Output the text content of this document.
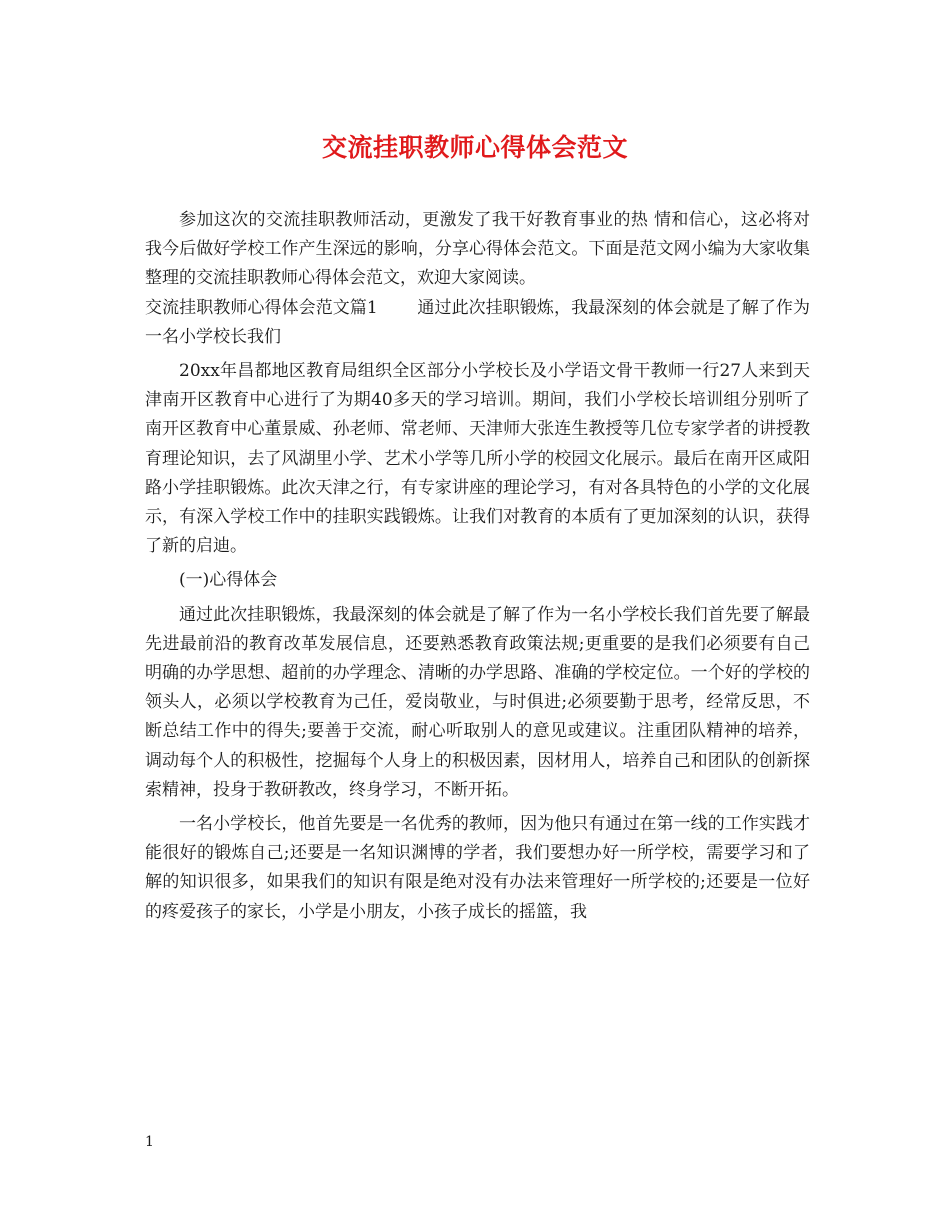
交流挂职教师心得体会范文

参加这次的交流挂职教师活动，更激发了我干好教育事业的热 情和信心，这必将对我今后做好学校工作产生深远的影响，分享心得体会范文。下面是范文网小编为大家收集整理的交流挂职教师心得体会范文，欢迎大家阅读。

交流挂职教师心得体会范文篇1　　 通过此次挂职锻炼，我最深刻的体会就是了解了作为一名小学校长我们

20xx年昌都地区教育局组织全区部分小学校长及小学语文骨干教师一行27人来到天津南开区教育中心进行了为期40多天的学习培训。期间，我们小学校长培训组分别听了南开区教育中心董景威、孙老师、常老师、天津师大张连生教授等几位专家学者的讲授教育理论知识，去了风湖里小学、艺术小学等几所小学的校园文化展示。最后在南开区咸阳路小学挂职锻炼。此次天津之行，有专家讲座的理论学习，有对各具特色的小学的文化展示，有深入学校工作中的挂职实践锻炼。让我们对教育的本质有了更加深刻的认识，获得了新的启迪。

(一)心得体会

通过此次挂职锻炼，我最深刻的体会就是了解了作为一名小学校长我们首先要了解最先进最前沿的教育改革发展信息，还要熟悉教育政策法规;更重要的是我们必须要有自己明确的办学思想、超前的办学理念、清晰的办学思路、准确的学校定位。一个好的学校的领头人，必须以学校教育为己任，爱岗敬业，与时俱进;必须要勤于思考，经常反思，不断总结工作中的得失;要善于交流，耐心听取别人的意见或建议。注重团队精神的培养，调动每个人的积极性，挖掘每个人身上的积极因素，因材用人，培养自己和团队的创新探索精神，投身于教研教改，终身学习，不断开拓。

一名小学校长，他首先要是一名优秀的教师，因为他只有通过在第一线的工作实践才能很好的锻炼自己;还要是一名知识渊博的学者，我们要想办好一所学校，需要学习和了解的知识很多，如果我们的知识有限是绝对没有办法来管理好一所学校的;还要是一位好的疼爱孩子的家长，小学是小朋友，小孩子成长的摇篮，我

1
